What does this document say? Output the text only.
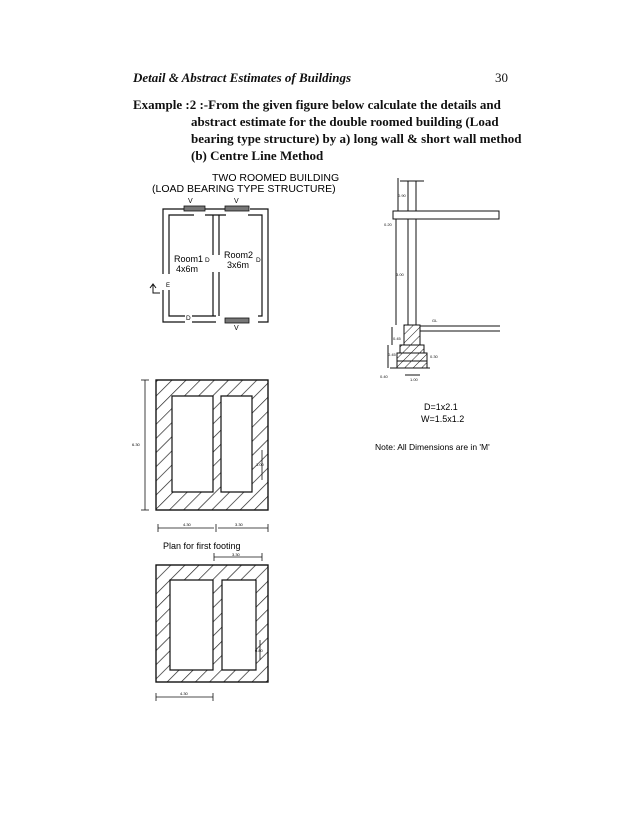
Detail & Abstract Estimates of Buildings	30
Example :2 :-From the given figure below calculate the details and
abstract estimate for the double roomed building (Load
bearing type structure) by a) long wall & short wall method
(b) Centre Line Method
TWO ROOMED BUILDING
(LOAD BEARING TYPE STRUCTURE)
V	V
V
D	D
D
Room1
4x6m
Room2
3x6m
E
0.90
0.20
3.00
GL
0.45
0.45
0.40
1.00
0.30
D=1x2.1
W=1.5x1.2
Note: All Dimensions are in 'M'
6.30
4.30	3.30
1.00
Plan for first footing
3.30
4.30
0.80
